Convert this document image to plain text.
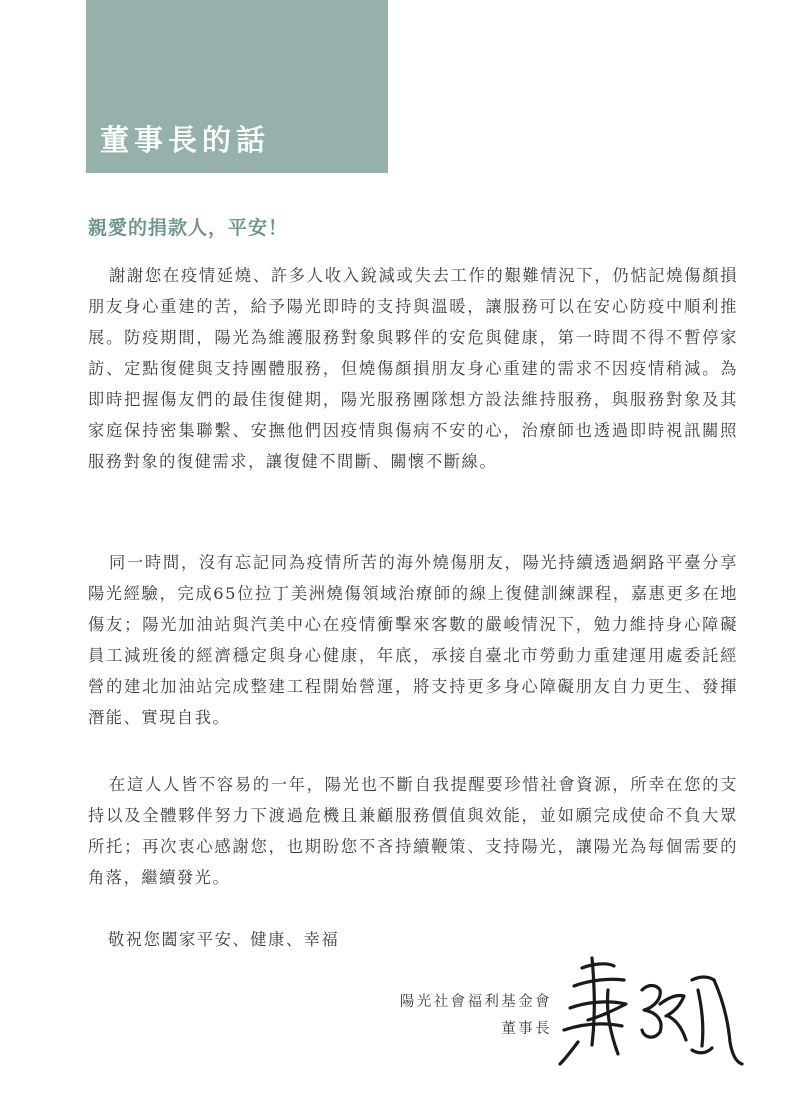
董事長的話
親愛的捐款人，平安！

謝謝您在疫情延燒、許多人收入銳減或失去工作的艱難情況下，仍惦記燒傷顏損朋友身心重建的苦，給予陽光即時的支持與溫暖，讓服務可以在安心防疫中順利推展。防疫期間，陽光為維護服務對象與夥伴的安危與健康，第一時間不得不暫停家訪、定點復健與支持團體服務，但燒傷顏損朋友身心重建的需求不因疫情稍減。為即時把握傷友們的最佳復健期，陽光服務團隊想方設法維持服務，與服務對象及其家庭保持密集聯繫、安撫他們因疫情與傷病不安的心，治療師也透過即時視訊關照服務對象的復健需求，讓復健不間斷、關懷不斷線。

同一時間，沒有忘記同為疫情所苦的海外燒傷朋友，陽光持續透過網路平臺分享陽光經驗，完成65位拉丁美洲燒傷領域治療師的線上復健訓練課程，嘉惠更多在地傷友；陽光加油站與汽美中心在疫情衝擊來客數的嚴峻情況下，勉力維持身心障礙員工減班後的經濟穩定與身心健康，年底，承接自臺北市勞動力重建運用處委託經營的建北加油站完成整建工程開始營運，將支持更多身心障礙朋友自力更生、發揮潛能、實現自我。

在這人人皆不容易的一年，陽光也不斷自我提醒要珍惜社會資源，所幸在您的支持以及全體夥伴努力下渡過危機且兼顧服務價值與效能，並如願完成使命不負大眾所托；再次衷心感謝您，也期盼您不吝持續鞭策、支持陽光，讓陽光為每個需要的角落，繼續發光。

敬祝您闔家平安、健康、幸福

陽光社會福利基金會

董事長
